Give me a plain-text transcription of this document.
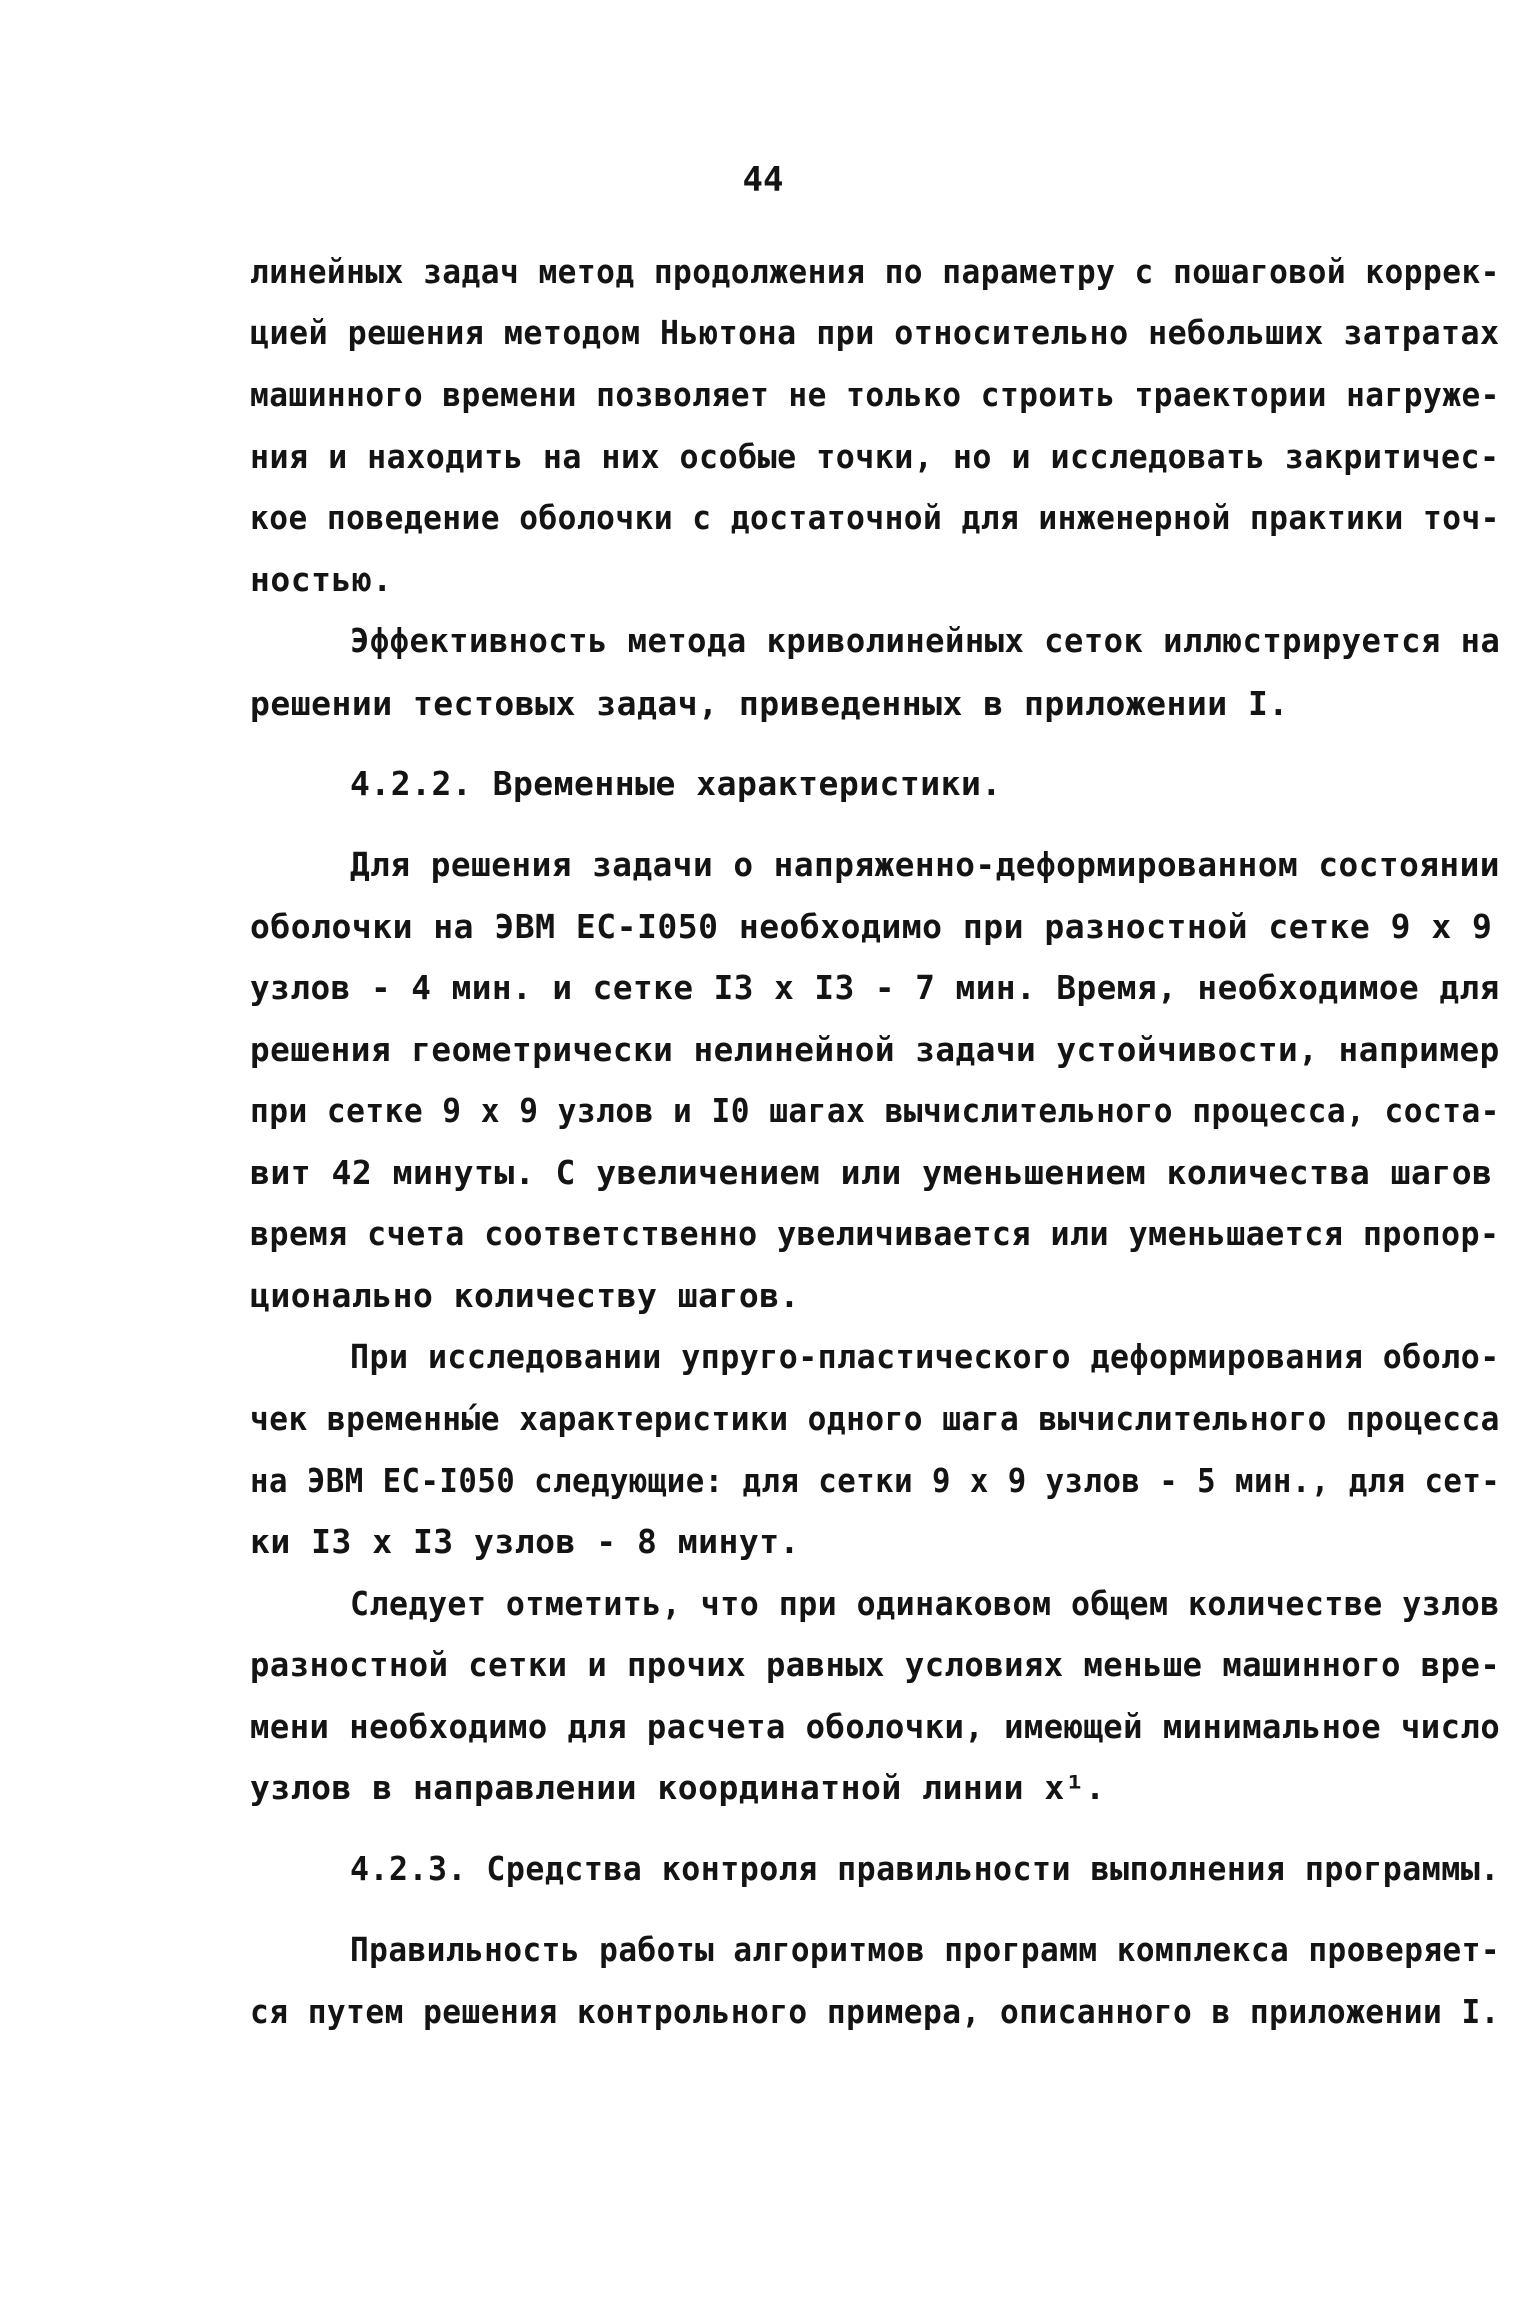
44
линейных задач метод продолжения по параметру с пошаговой коррек-
цией решения методом Ньютона при относительно небольших затратах
машинного времени позволяет не только строить траектории нагруже-
ния и находить на них особые точки, но и исследовать закритичес-
кое поведение оболочки с достаточной для инженерной практики точ-
ностью.
Эффективность метода криволинейных сеток иллюстрируется на
решении тестовых задач, приведенных в приложении I.
4.2.2. Временные характеристики.
Для решения задачи о напряженно-деформированном состоянии
оболочки на ЭВМ ЕС-I050 необходимо при разностной сетке 9 х 9
узлов - 4 мин. и сетке I3 х I3 - 7 мин. Время, необходимое для
решения геометрически нелинейной задачи устойчивости, например
при сетке 9 х 9 узлов и I0 шагах вычислительного процесса, соста-
вит 42 минуты. С увеличением или уменьшением количества шагов
время счета соответственно увеличивается или уменьшается пропор-
ционально количеству шагов.
При исследовании упруго-пластического деформирования оболо-
чек временны́е характеристики одного шага вычислительного процесса
на ЭВМ ЕС-I050 следующие: для сетки 9 х 9 узлов - 5 мин., для сет-
ки I3 х I3 узлов - 8 минут.
Следует отметить, что при одинаковом общем количестве узлов
разностной сетки и прочих равных условиях меньше машинного вре-
мени необходимо для расчета оболочки, имеющей минимальное число
узлов в направлении координатной линии x¹.
4.2.3. Средства контроля правильности выполнения программы.
Правильность работы алгоритмов программ комплекса проверяет-
ся путем решения контрольного примера, описанного в приложении I.
